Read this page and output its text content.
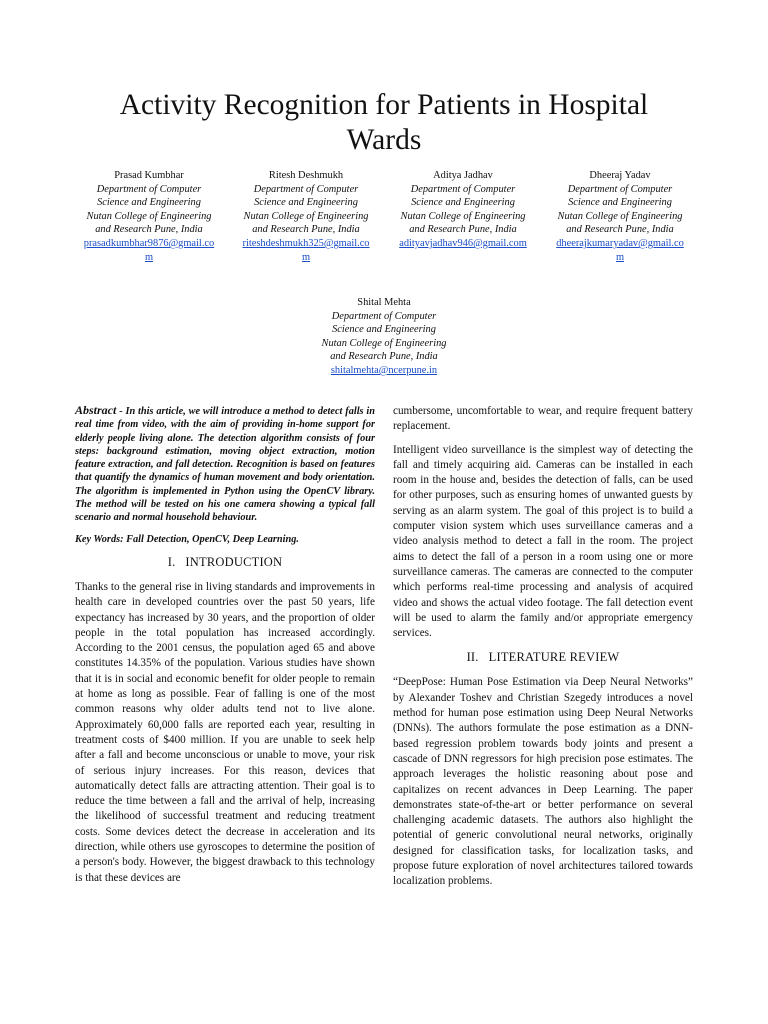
Activity Recognition for Patients in Hospital Wards
Prasad Kumbhar
Department of Computer
Science and Engineering
Nutan College of Engineering
and Research Pune, India
prasadkumbhar9876@gmail.co
m
Ritesh Deshmukh
Department of Computer
Science and Engineering
Nutan College of Engineering
and Research Pune, India
riteshdeshmukh325@gmail.co
m
Aditya Jadhav
Department of Computer
Science and Engineering
Nutan College of Engineering
and Research Pune, India
adityavjadhav946@gmail.com
Dheeraj Yadav
Department of Computer
Science and Engineering
Nutan College of Engineering
and Research Pune, India
dheerajkumaryadav@gmail.co
m
Shital Mehta
Department of Computer
Science and Engineering
Nutan College of Engineering
and Research Pune, India
shitalmehta@ncerpune.in

Abstract - In this article, we will introduce a method to detect falls in real time from video, with the aim of providing in-home support for elderly people living alone. The detection algorithm consists of four steps: background estimation, moving object extraction, motion feature extraction, and fall detection. Recognition is based on features that quantify the dynamics of human movement and body orientation. The algorithm is implemented in Python using the OpenCV library. The method will be tested on his one camera showing a typical fall scenario and normal household behaviour.

Key Words: Fall Detection, OpenCV, Deep Learning.

I. INTRODUCTION

Thanks to the general rise in living standards and improvements in health care in developed countries over the past 50 years, life expectancy has increased by 30 years, and the proportion of older people in the total population has increased accordingly. According to the 2001 census, the population aged 65 and above constitutes 14.35% of the population. Various studies have shown that it is in social and economic benefit for older people to remain at home as long as possible. Fear of falling is one of the most common reasons why older adults tend not to live alone. Approximately 60,000 falls are reported each year, resulting in treatment costs of $400 million. If you are unable to seek help after a fall and become unconscious or unable to move, your risk of serious injury increases. For this reason, devices that automatically detect falls are attracting attention. Their goal is to reduce the time between a fall and the arrival of help, increasing the likelihood of successful treatment and reducing treatment costs. Some devices detect the decrease in acceleration and its direction, while others use gyroscopes to determine the position of a person's body. However, the biggest drawback to this technology is that these devices are

cumbersome, uncomfortable to wear, and require frequent battery replacement.

Intelligent video surveillance is the simplest way of detecting the fall and timely acquiring aid. Cameras can be installed in each room in the house and, besides the detection of falls, can be used for other purposes, such as ensuring homes of unwanted guests by serving as an alarm system. The goal of this project is to build a computer vision system which uses surveillance cameras and a video analysis method to detect a fall in the room. The project aims to detect the fall of a person in a room using one or more surveillance cameras. The cameras are connected to the computer which performs real-time processing and analysis of acquired video and shows the actual video footage. The fall detection event will be used to alarm the family and/or appropriate emergency services.

II. LITERATURE REVIEW

“DeepPose: Human Pose Estimation via Deep Neural Networks” by Alexander Toshev and Christian Szegedy introduces a novel method for human pose estimation using Deep Neural Networks (DNNs). The authors formulate the pose estimation as a DNN-based regression problem towards body joints and present a cascade of DNN regressors for high precision pose estimates. The approach leverages the holistic reasoning about pose and capitalizes on recent advances in Deep Learning. The paper demonstrates state-of-the-art or better performance on several challenging academic datasets. The authors also highlight the potential of generic convolutional neural networks, originally designed for classification tasks, for localization tasks, and propose future exploration of novel architectures tailored towards localization problems.
